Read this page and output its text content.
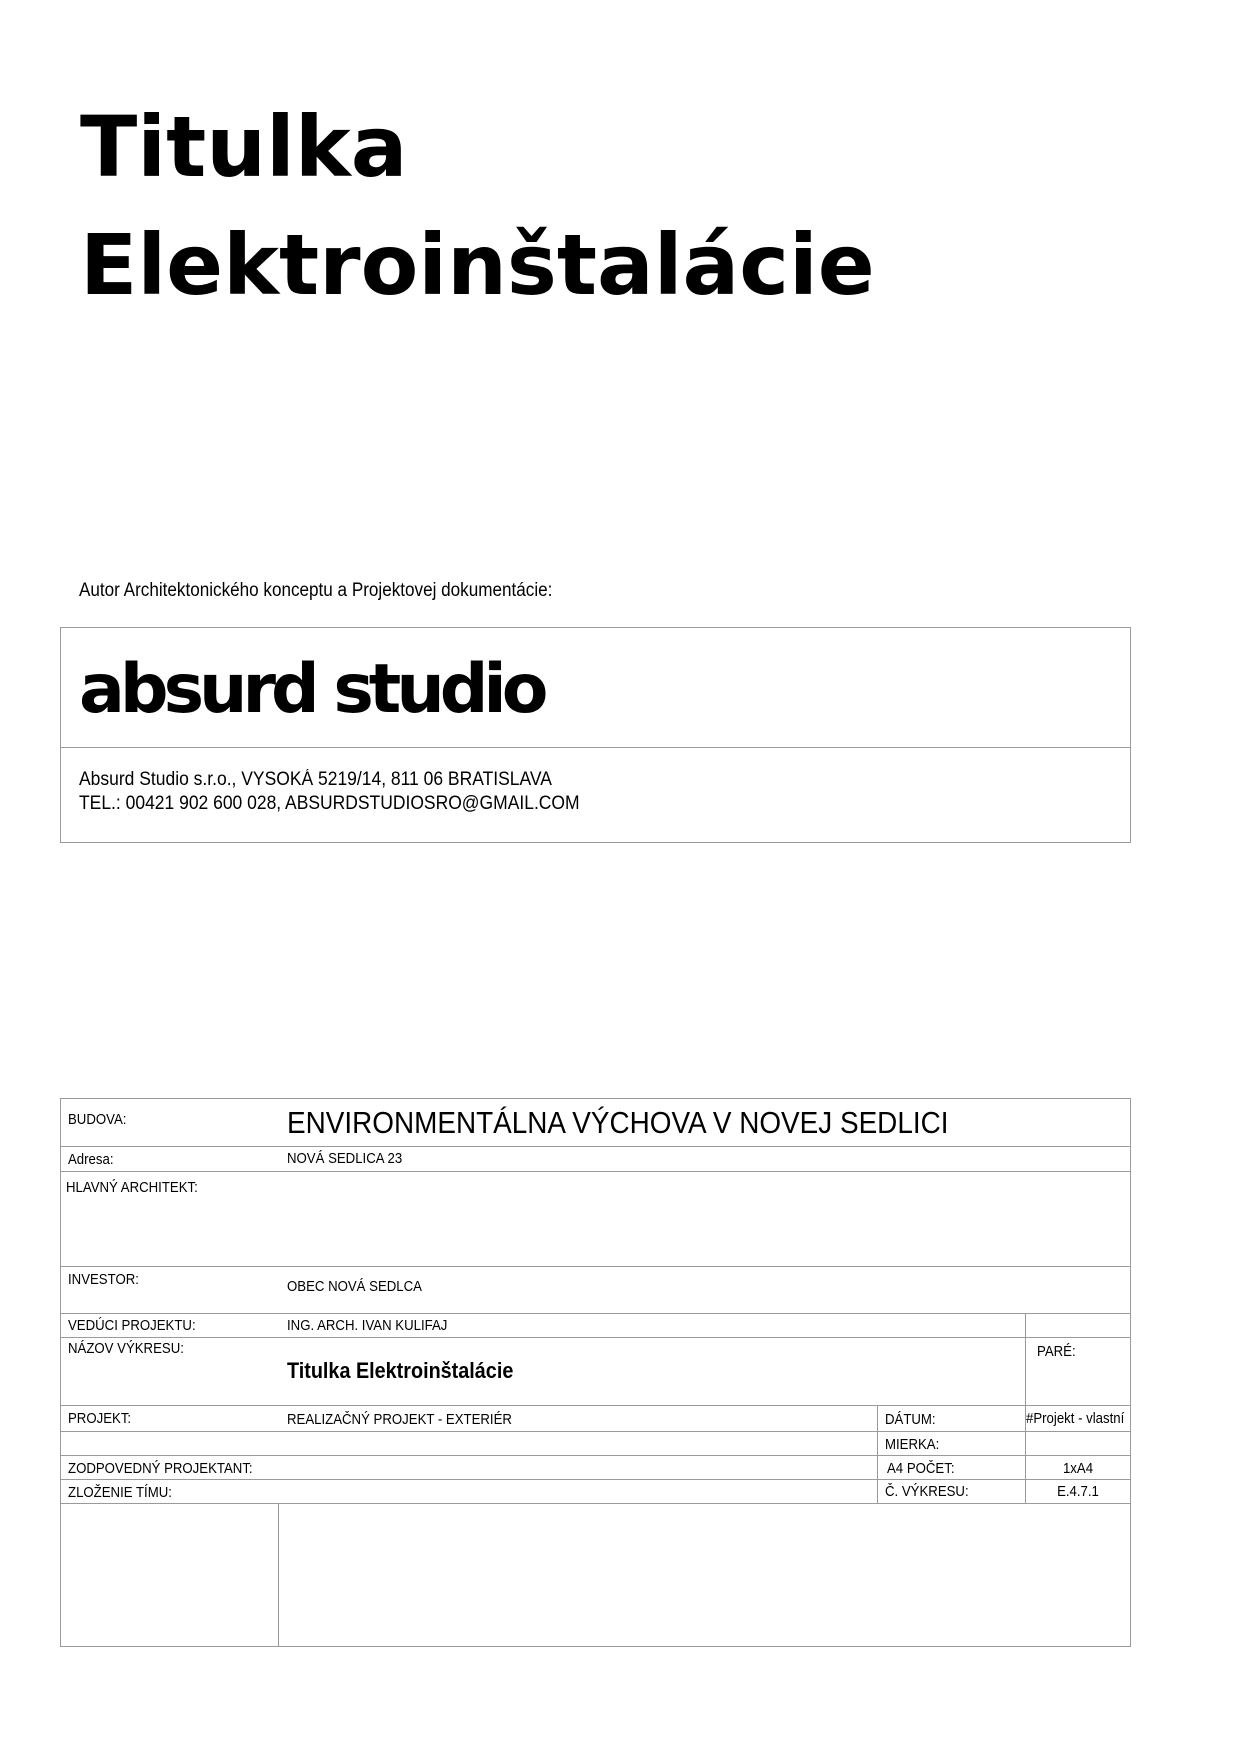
Titulka
Elektroinštalácie
Autor Architektonického konceptu a Projektovej dokumentácie:
absurd studio
Absurd Studio s.r.o., VYSOKÁ 5219/14, 811 06 BRATISLAVA
TEL.: 00421 902 600 028, ABSURDSTUDIOSRO@GMAIL.COM
BUDOVA:	ENVIRONMENTÁLNA VÝCHOVA V NOVEJ SEDLICI
Adresa:	NOVÁ SEDLICA 23
HLAVNÝ ARCHITEKT:
INVESTOR:	OBEC NOVÁ SEDLCA
VEDÚCI PROJEKTU:	ING. ARCH. IVAN KULIFAJ
NÁZOV VÝKRESU:
Titulka Elektroinštalácie
PARÉ:
PROJEKT:	REALIZAČNÝ PROJEKT - EXTERIÉR	DÁTUM:	#Projekt - vlastní
MIERKA:
ZODPOVEDNÝ PROJEKTANT:	A4 POČET:	1xA4
ZLOŽENIE TÍMU:	Č. VÝKRESU:	E.4.7.1
